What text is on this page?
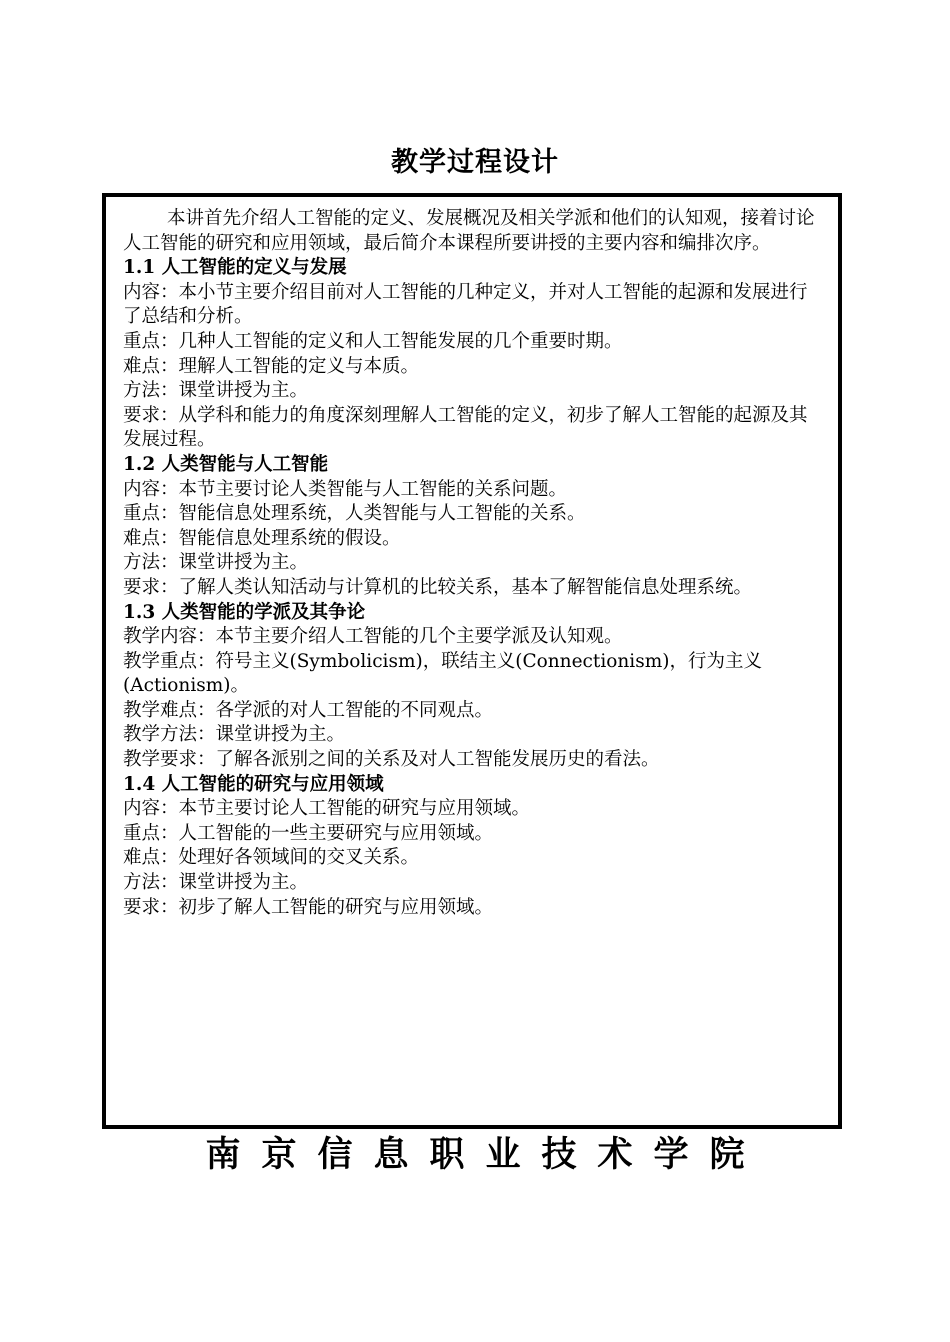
教学过程设计

本讲首先介绍人工智能的定义、发展概况及相关学派和他们的认知观，接着讨论人工智能的研究和应用领域，最后简介本课程所要讲授的主要内容和编排次序。

1.1 人工智能的定义与发展

内容：本小节主要介绍目前对人工智能的几种定义，并对人工智能的起源和发展进行了总结和分析。

重点：几种人工智能的定义和人工智能发展的几个重要时期。

难点：理解人工智能的定义与本质。

方法：课堂讲授为主。

要求：从学科和能力的角度深刻理解人工智能的定义，初步了解人工智能的起源及其发展过程。

1.2 人类智能与人工智能

内容：本节主要讨论人类智能与人工智能的关系问题。

重点：智能信息处理系统，人类智能与人工智能的关系。

难点：智能信息处理系统的假设。

方法：课堂讲授为主。

要求：了解人类认知活动与计算机的比较关系，基本了解智能信息处理系统。

1.3 人类智能的学派及其争论

教学内容：本节主要介绍人工智能的几个主要学派及认知观。

教学重点：符号主义(Symbolicism)，联结主义(Connectionism)，行为主义(Actionism)。

教学难点：各学派的对人工智能的不同观点。

教学方法：课堂讲授为主。

教学要求：了解各派别之间的关系及对人工智能发展历史的看法。

1.4 人工智能的研究与应用领域

内容：本节主要讨论人工智能的研究与应用领域。

重点：人工智能的一些主要研究与应用领域。

难点：处理好各领域间的交叉关系。

方法：课堂讲授为主。

要求：初步了解人工智能的研究与应用领域。

南京信息职业技术学院
